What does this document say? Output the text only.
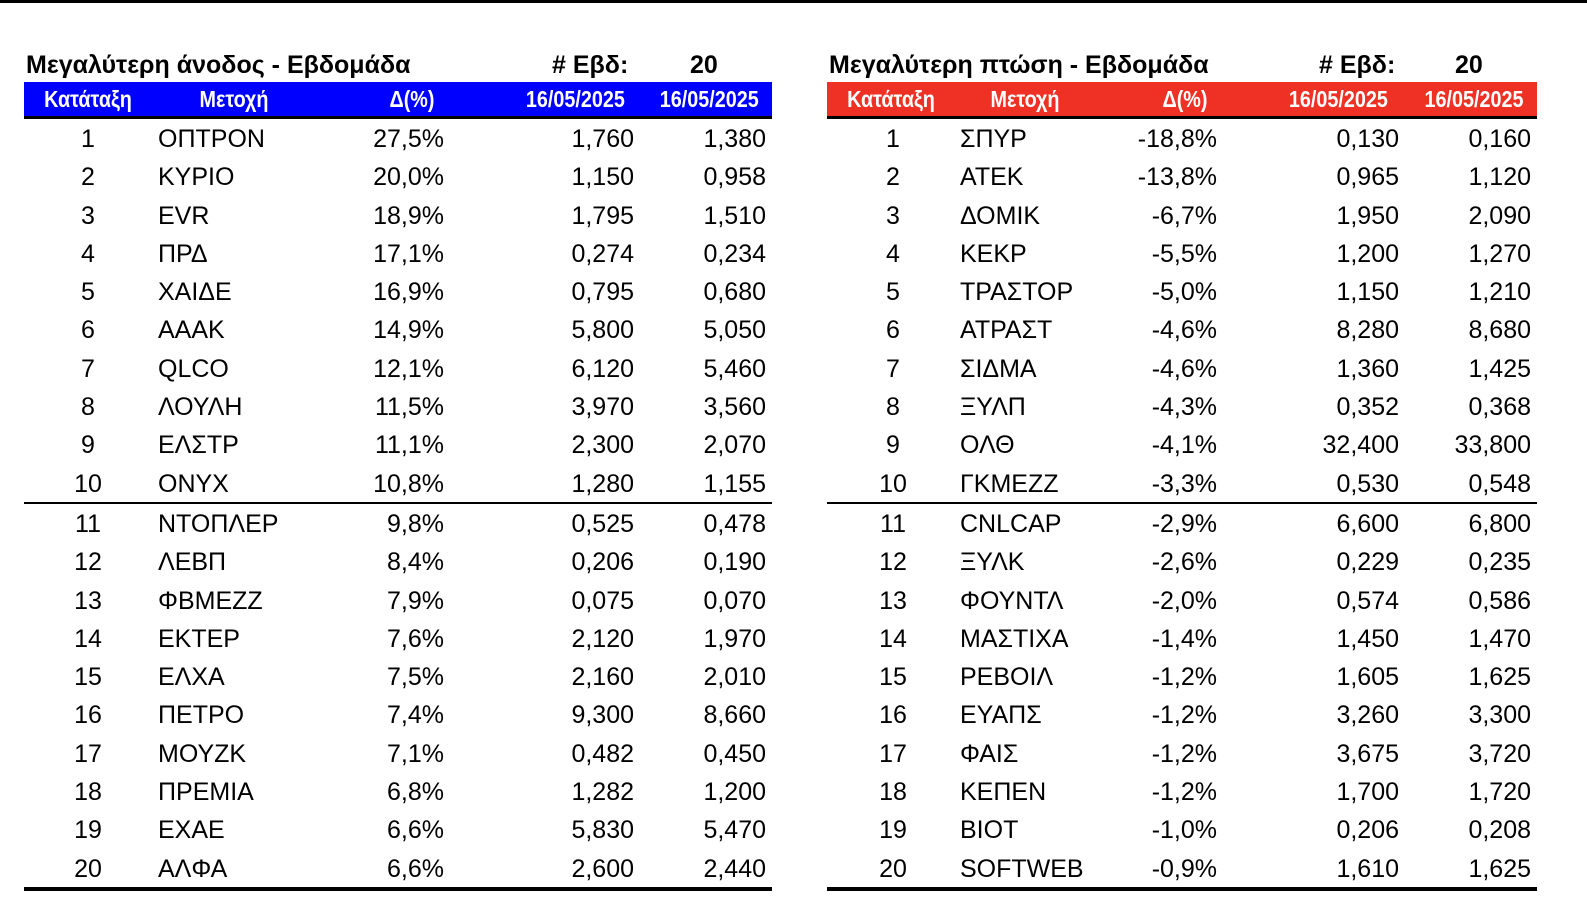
Μεγαλύτερη άνοδος - Εβδομάδα	# Εβδ: 20
Κατάταξη	Μετοχή	Δ(%)	16/05/2025	16/05/2025
1	ΟΠΤΡΟΝ	27,5%	1,760	1,380
2	ΚΥΡΙΟ	20,0%	1,150	0,958
3	EVR	18,9%	1,795	1,510
4	ΠΡΔ	17,1%	0,274	0,234
5	ΧΑΙΔΕ	16,9%	0,795	0,680
6	ΑΑΑΚ	14,9%	5,800	5,050
7	QLCO	12,1%	6,120	5,460
8	ΛΟΥΛΗ	11,5%	3,970	3,560
9	ΕΛΣΤΡ	11,1%	2,300	2,070
10	ΟΝΥΧ	10,8%	1,280	1,155
11	ΝΤΟΠΛΕΡ	9,8%	0,525	0,478
12	ΛΕΒΠ	8,4%	0,206	0,190
13	ΦΒΜΕΖΖ	7,9%	0,075	0,070
14	ΕΚΤΕΡ	7,6%	2,120	1,970
15	ΕΛΧΑ	7,5%	2,160	2,010
16	ΠΕΤΡΟ	7,4%	9,300	8,660
17	ΜΟΥΖΚ	7,1%	0,482	0,450
18	ΠΡΕΜΙΑ	6,8%	1,282	1,200
19	ΕΧΑΕ	6,6%	5,830	5,470
20	ΑΛΦΑ	6,6%	2,600	2,440
Μεγαλύτερη πτώση - Εβδομάδα	# Εβδ: 20
Κατάταξη	Μετοχή	Δ(%)	16/05/2025	16/05/2025
1	ΣΠΥΡ	-18,8%	0,130	0,160
2	ΑΤΕΚ	-13,8%	0,965	1,120
3	ΔΟΜΙΚ	-6,7%	1,950	2,090
4	ΚΕΚΡ	-5,5%	1,200	1,270
5	ΤΡΑΣΤΟΡ	-5,0%	1,150	1,210
6	ΑΤΡΑΣΤ	-4,6%	8,280	8,680
7	ΣΙΔΜΑ	-4,6%	1,360	1,425
8	ΞΥΛΠ	-4,3%	0,352	0,368
9	ΟΛΘ	-4,1%	32,400	33,800
10	ΓΚΜΕΖΖ	-3,3%	0,530	0,548
11	CNLCAP	-2,9%	6,600	6,800
12	ΞΥΛΚ	-2,6%	0,229	0,235
13	ΦΟΥΝΤΛ	-2,0%	0,574	0,586
14	ΜΑΣΤΙΧΑ	-1,4%	1,450	1,470
15	ΡΕΒΟΙΛ	-1,2%	1,605	1,625
16	ΕΥΑΠΣ	-1,2%	3,260	3,300
17	ΦΑΙΣ	-1,2%	3,675	3,720
18	ΚΕΠΕΝ	-1,2%	1,700	1,720
19	ΒΙΟΤ	-1,0%	0,206	0,208
20	SOFTWEB	-0,9%	1,610	1,625
